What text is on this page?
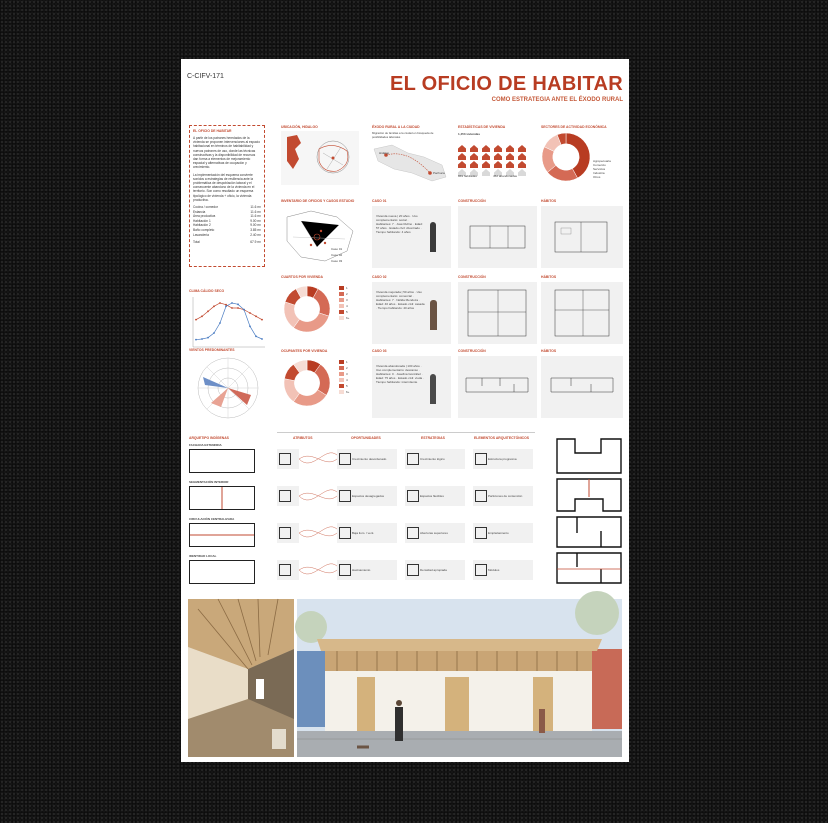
C-CIFV-171	EL OFICIO DE HABITAR
COMO ESTRATEGIA ANTE EL ÉXODO RURAL
EL OFICIO DE HABITAR
A partir de los patrones heredados de la vivienda se proponen intervenciones al espacio habitacional en términos de habitabilidad y nuevos patrones de uso, donde las técnicas constructivas y la disponibilidad de recursos dan forma a elementos de mejoramiento espacial y alternativas de ocupación y crecimiento.
La implementación del esquema convierte sonidos a estrategias de resiliencia ante la problemática de despoblación laboral y el consecuente abandono de la vivienda en el territorio. Son como resultado un esquema tipológico de vivienda + oficio, la vivienda productiva.
Cocina / comedor	11.6 m²
Estancia	11.6 m²
Área productiva	11.6 m²
Habitación 1	9.00 m²
Habitación 2	9.00 m²
Baño completo	3.85 m²
Lavandería	2.40 m²
Total	67.9 m²
UBICACIÓN, HIDALGO	ÉXODO RURAL A LA CIUDAD
Migración de familias a la ciudad en búsqueda de posibilidades laborales
Hidalgo
Pachuca
ESTADÍSTICAS DE VIVIENDA
1,453 viviendas
869 habitadas	452 abandonadas
SECTORES DE ACTIVIDAD ECONÓMICA
Agropecuaria
Comercio
Servicios
Industria
Otros
INVENTARIO DE OFICIOS Y CASOS ESTUDIO
Caso 01
Caso 02
Caso 03
CASO 01
Vivienda nueva | 20 años · Uso complementario: social · Habitantes: 7 · José Rufino · Edad: 57 años · Estado civil: divorciado · Tiempo habitando: 4 años
CONSTRUCCIÓN	HÁBITOS
CASO 02
Vivienda mejorada | 50 años · Uso complementario: comercial · Habitantes: 7 · Nélida Mendoza · Edad: 40 años · Estado civil: casada · Tiempo habitando: 40 años
CONSTRUCCIÓN	HÁBITOS
CASO 03
Vivienda abandonada | 100 años · Uso complementario: descanso · Habitantes: 0 · Josefina González · Edad: 75 años · Estado civil: viuda · Tiempo habitando: intermitente
CONSTRUCCIÓN	HÁBITOS
CLIMA CÁLIDO SECO
CUARTOS POR VIVIENDA
1
2
3
4
5
6+
VIENTOS PREDOMINANTES	OCUPANTES POR VIVIENDA
1
2
3
4
5
6+
ARQUETIPO INDÍGENAS
FACHADA EXTENDIDA
SEGMENTACIÓN INTERIOR
CIRCULACIÓN CENTRALIZADA
IDENTIDAD LOCAL
ATRIBUTOS	OPORTUNIDADES	ESTRATEGIAS	ELEMENTOS ARQUITECTÓNICOS
Crecimiento desordenado	Crecimiento lógico	Estructura progresiva
Espacios desagregados	Espacios flexibles	Particiones de contención
Baja ilum. / vent.	Aberturas superiores	Emplazamiento
Hacinamiento	Densidad apropiada	Módulos
